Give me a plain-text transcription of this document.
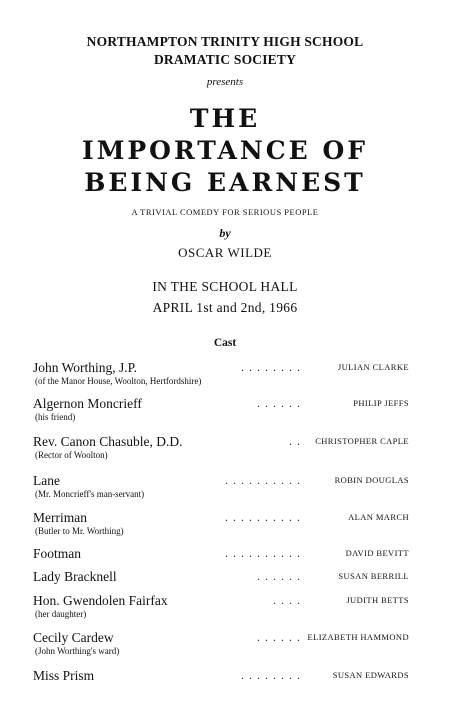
NORTHAMPTON TRINITY HIGH SCHOOL
DRAMATIC SOCIETY
presents
THE
IMPORTANCE OF
BEING EARNEST
A TRIVIAL COMEDY FOR SERIOUS PEOPLE
by
OSCAR WILDE
IN THE SCHOOL HALL
APRIL 1st and 2nd, 1966
Cast
John Worthing, J.P.	. . . . . . . .	JULIAN CLARKE
(of the Manor House, Woolton, Hertfordshire)
Algernon Moncrieff	. . . . . .	PHILIP JEFFS
(his friend)
Rev. Canon Chasuble, D.D.	. . CHRISTOPHER CAPLE
(Rector of Woolton)
Lane	. . . . . . . . . .	ROBIN DOUGLAS
(Mr. Moncrieff's man-servant)
Merriman	. . . . . . . . . .	ALAN MARCH
(Butler to Mr. Worthing)
Footman	. . . . . . . . . .	DAVID BEVITT
Lady Bracknell	. . . . . .	SUSAN BERRILL
Hon. Gwendolen Fairfax	. . . .	JUDITH BETTS
(her daughter)
Cecily Cardew	. . . . . . ELIZABETH HAMMOND
(John Worthing's ward)
Miss Prism	. . . . . . . .	SUSAN EDWARDS
